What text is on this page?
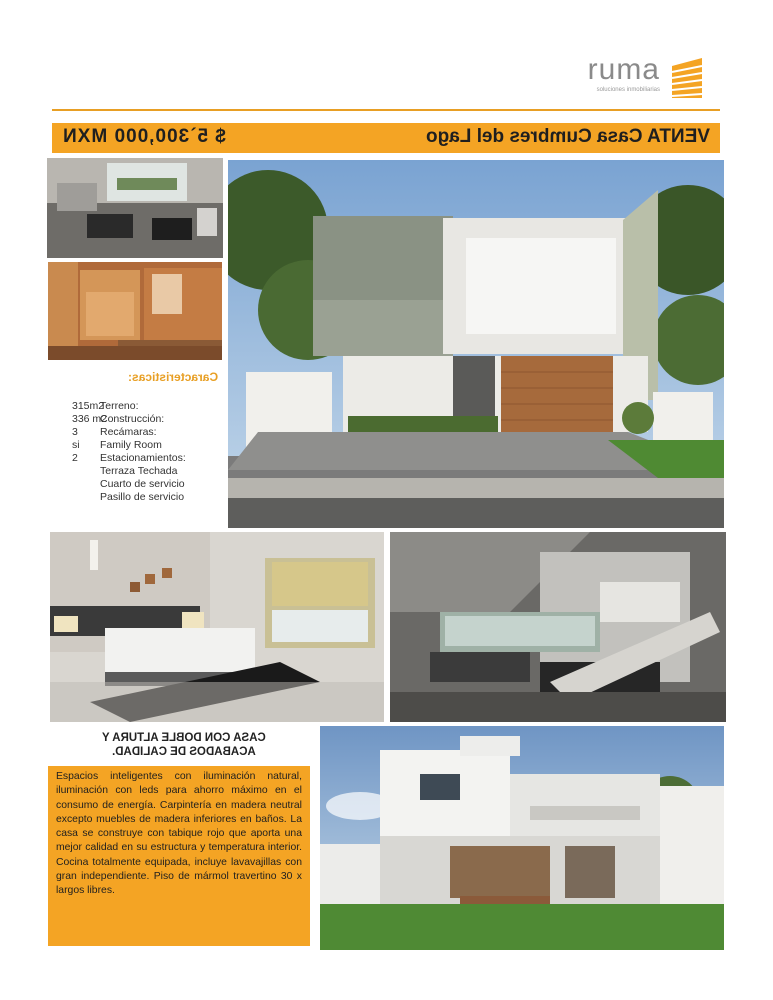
ruma
soluciones inmobiliarias
$ 5`300,000 MXN	VENTA Casa Cumbres del Lago
Caracteristicas:
Terreno:
315m2
Construcción:
336 m2
Recámaras:
3
Family Room
si
Estacionamientos:
2
Terraza Techada
Cuarto de servicio
Pasillo de servicio
CASA CON DOBLE ALTURA Y
ACABADOS DE CALIDAD.

Espacios inteligentes con iluminación natural, iluminación con leds para ahorro máximo en el consumo de energía. Carpintería en madera neutral excepto muebles de madera inferiores en baños. La casa se construye con tabique rojo que aporta una mejor calidad en su estructura y temperatura interior. Cocina totalmente equipada, incluye lavavajillas con gran independiente. Piso de mármol travertino 30 x largos libres.
